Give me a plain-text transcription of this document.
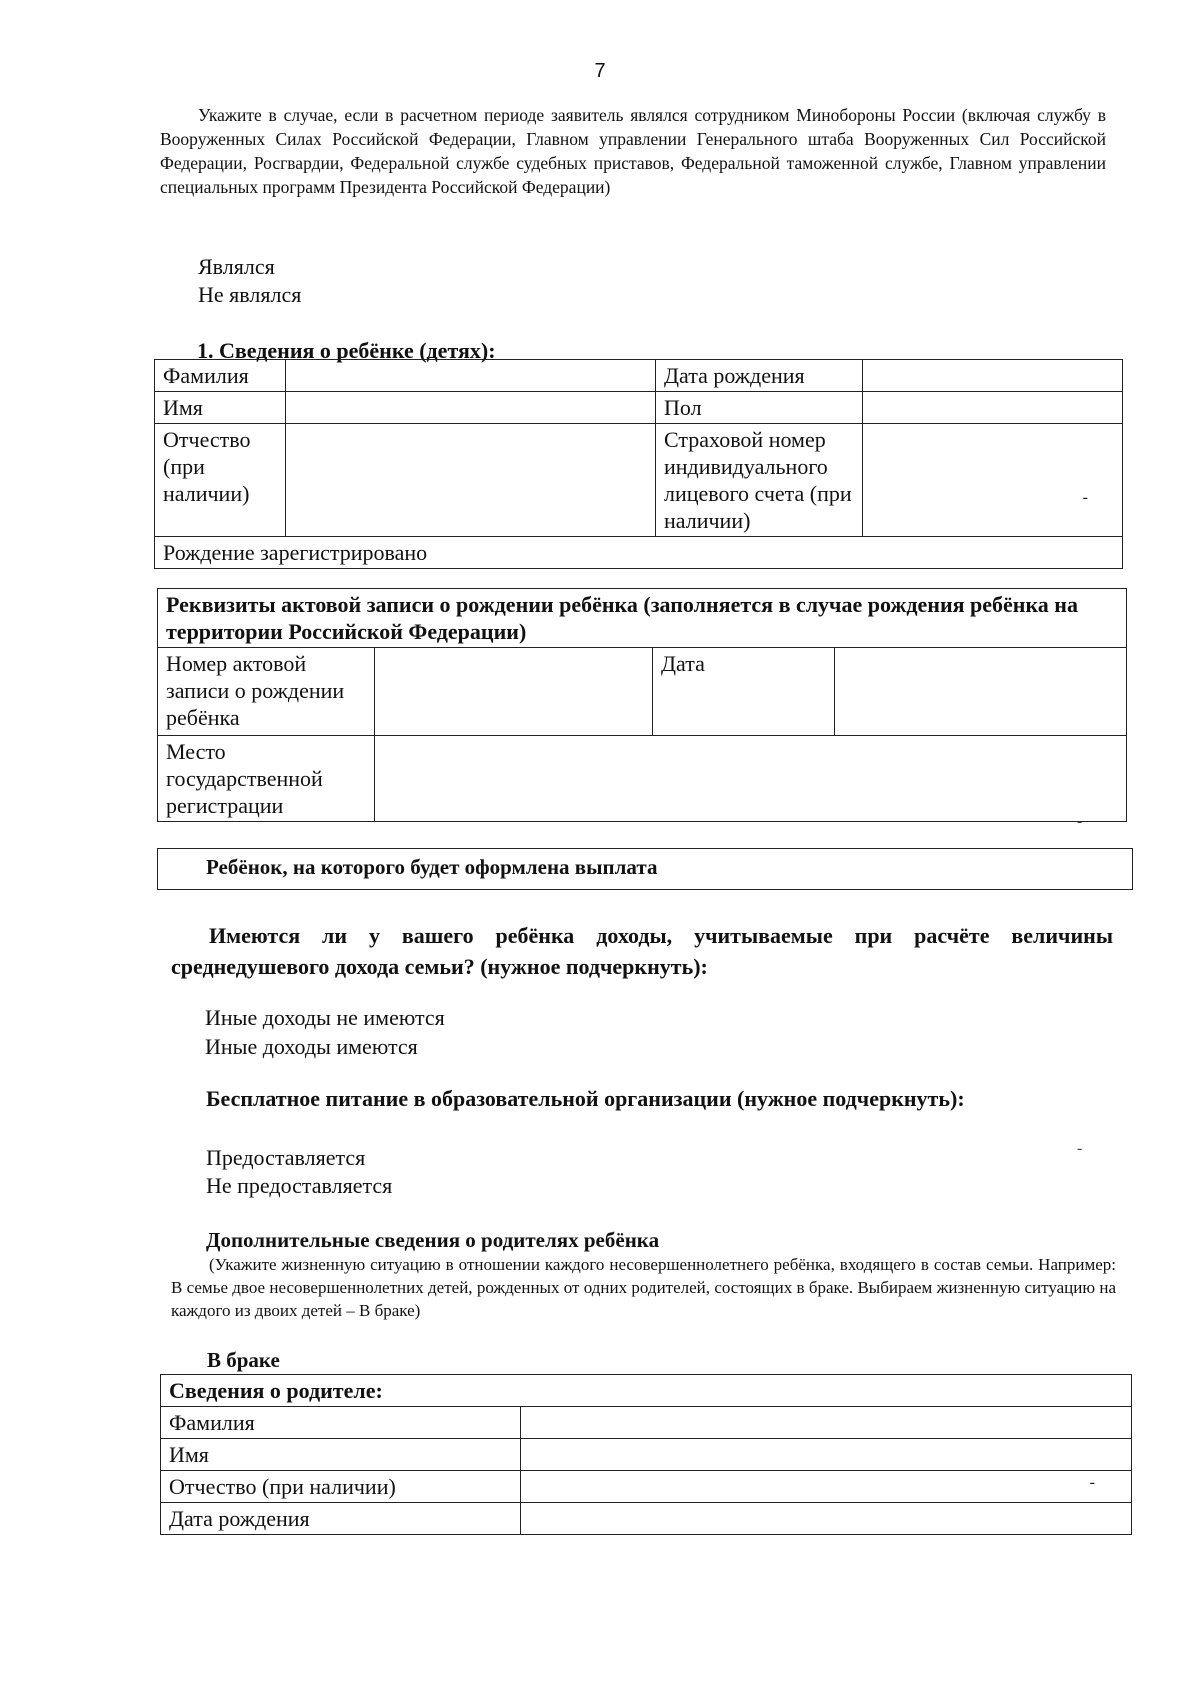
7
Укажите в случае, если в расчетном периоде заявитель являлся сотрудником Минобороны России (включая службу в Вооруженных Силах Российской Федерации, Главном управлении Генерального штаба Вооруженных Сил Российской Федерации, Росгвардии, Федеральной службе судебных приставов, Федеральной таможенной службе, Главном управлении специальных программ Президента Российской Федерации)
Являлся
Не являлся
1. Сведения о ребёнке (детях):
Фамилия		Дата рождения	
Имя		Пол	
Отчество (при наличии)		Страховой номер индивидуального лицевого счета (при наличии)	-

Рождение зарегистрировано			
Реквизиты актовой записи о рождении ребёнка (заполняется в случае рождения ребёнка на территории Российской Федерации)			
Номер актовой записи о рождении ребёнка		Дата	
Место государственной регистрации			
-
Ребёнок, на которого будет оформлена выплата
Имеются ли у вашего ребёнка доходы, учитываемые при расчёте величины среднедушевого дохода семьи? (нужное подчеркнуть):
Иные доходы не имеются
Иные доходы имеются
Бесплатное питание в образовательной организации (нужное подчеркнуть):
Предоставляется
Не предоставляется
-
Дополнительные сведения о родителях ребёнка
(Укажите жизненную ситуацию в отношении каждого несовершеннолетнего ребёнка, входящего в состав семьи. Например: В семье двое несовершеннолетних детей, рожденных от одних родителей, состоящих в браке. Выбираем жизненную ситуацию на каждого из двоих детей – В браке)
В браке
Сведения о родителе:	
Фамилия	
Имя	
Отчество (при наличии)	-

Дата рождения	
